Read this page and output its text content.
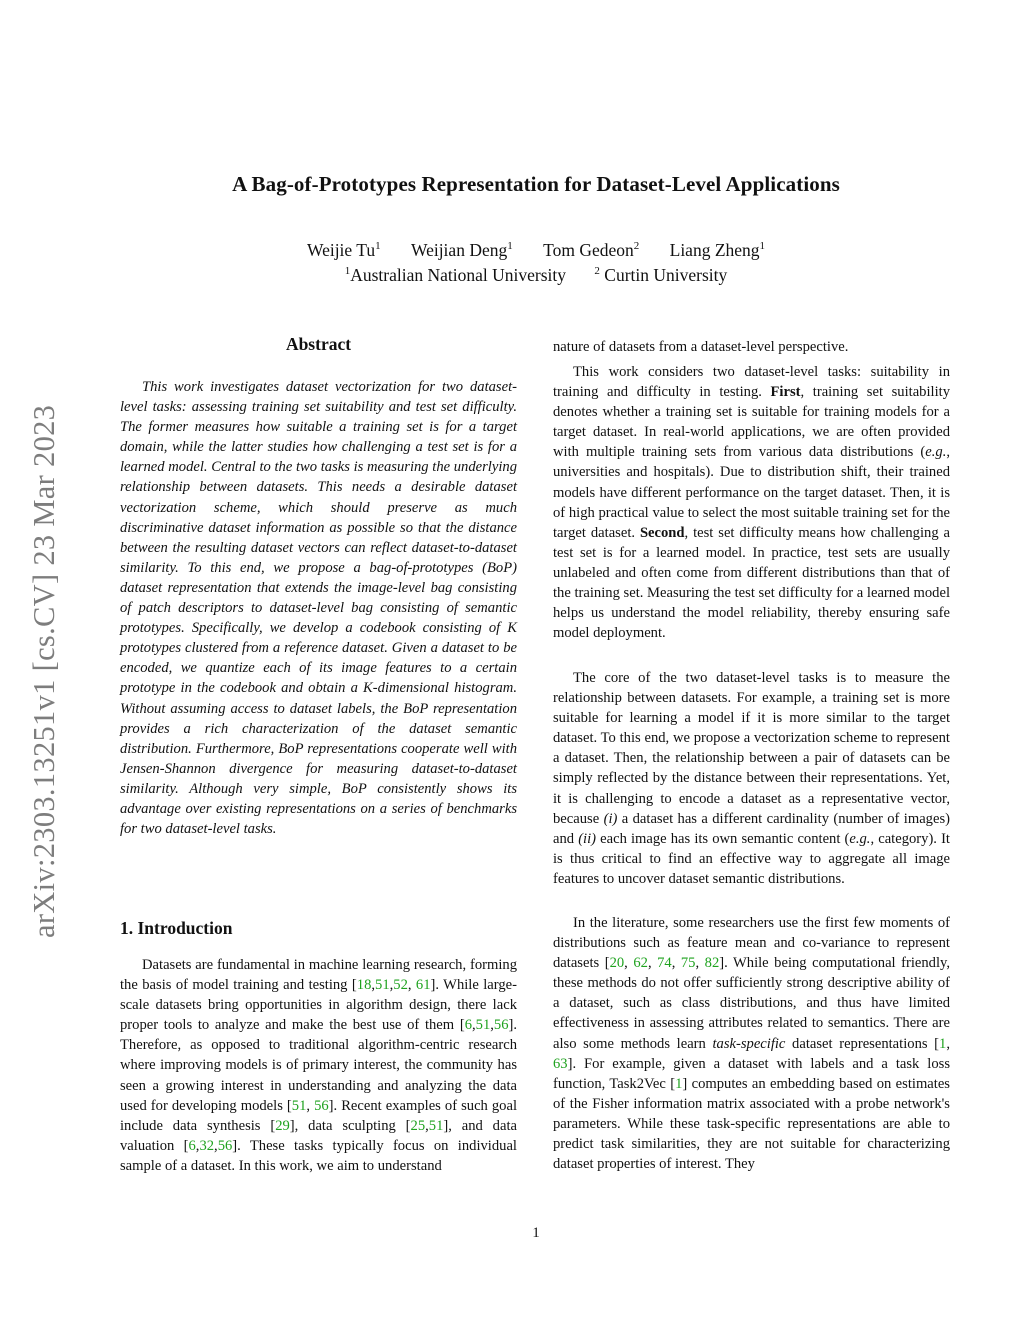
A Bag-of-Prototypes Representation for Dataset-Level Applications
Weijie Tu$^1$ Weijian Deng$^1$ Tom Gedeon$^2$ Liang Zheng$^1$
$^1$Australian National University	$^2$ Curtin University
arXiv:2303.13251v1 [cs.CV] 23 Mar 2023
Abstract
This work investigates dataset vectorization for two dataset-level tasks: assessing training set suitability and test set difficulty. The former measures how suitable a training set is for a target domain, while the latter studies how challenging a test set is for a learned model. Central to the two tasks is measuring the underlying relationship between datasets. This needs a desirable dataset vectorization scheme, which should preserve as much discriminative dataset information as possible so that the distance between the resulting dataset vectors can reflect dataset-to-dataset similarity. To this end, we propose a bag-of-prototypes (BoP) dataset representation that extends the image-level bag consisting of patch descriptors to dataset-level bag consisting of semantic prototypes. Specifically, we develop a codebook consisting of K prototypes clustered from a reference dataset. Given a dataset to be encoded, we quantize each of its image features to a certain prototype in the codebook and obtain a K-dimensional histogram. Without assuming access to dataset labels, the BoP representation provides a rich characterization of the dataset semantic distribution. Furthermore, BoP representations cooperate well with Jensen-Shannon divergence for measuring dataset-to-dataset similarity. Although very simple, BoP consistently shows its advantage over existing representations on a series of benchmarks for two dataset-level tasks.
1. Introduction
Datasets are fundamental in machine learning research, forming the basis of model training and testing [18,51,52, 61]. While large-scale datasets bring opportunities in algorithm design, there lack proper tools to analyze and make the best use of them [6,51,56]. Therefore, as opposed to traditional algorithm-centric research where improving models is of primary interest, the community has seen a growing interest in understanding and analyzing the data used for developing models [51, 56]. Recent examples of such goal include data synthesis [29], data sculpting [25,51], and data valuation [6,32,56]. These tasks typically focus on individual sample of a dataset. In this work, we aim to understand
nature of datasets from a dataset-level perspective.
This work considers two dataset-level tasks: suitability in training and difficulty in testing. First, training set suitability denotes whether a training set is suitable for training models for a target dataset. In real-world applications, we are often provided with multiple training sets from various data distributions (e.g., universities and hospitals). Due to distribution shift, their trained models have different performance on the target dataset. Then, it is of high practical value to select the most suitable training set for the target dataset. Second, test set difficulty means how challenging a test set is for a learned model. In practice, test sets are usually unlabeled and often come from different distributions than that of the training set. Measuring the test set difficulty for a learned model helps us understand the model reliability, thereby ensuring safe model deployment.
The core of the two dataset-level tasks is to measure the relationship between datasets. For example, a training set is more suitable for learning a model if it is more similar to the target dataset. To this end, we propose a vectorization scheme to represent a dataset. Then, the relationship between a pair of datasets can be simply reflected by the distance between their representations. Yet, it is challenging to encode a dataset as a representative vector, because (i) a dataset has a different cardinality (number of images) and (ii) each image has its own semantic content (e.g., category). It is thus critical to find an effective way to aggregate all image features to uncover dataset semantic distributions.
In the literature, some researchers use the first few moments of distributions such as feature mean and co-variance to represent datasets [20, 62, 74, 75, 82]. While being computational friendly, these methods do not offer sufficiently strong descriptive ability of a dataset, such as class distributions, and thus have limited effectiveness in assessing attributes related to semantics. There are also some methods learn task-specific dataset representations [1, 63]. For example, given a dataset with labels and a task loss function, Task2Vec [1] computes an embedding based on estimates of the Fisher information matrix associated with a probe network's parameters. While these task-specific representations are able to predict task similarities, they are not suitable for characterizing dataset properties of interest. They
1
